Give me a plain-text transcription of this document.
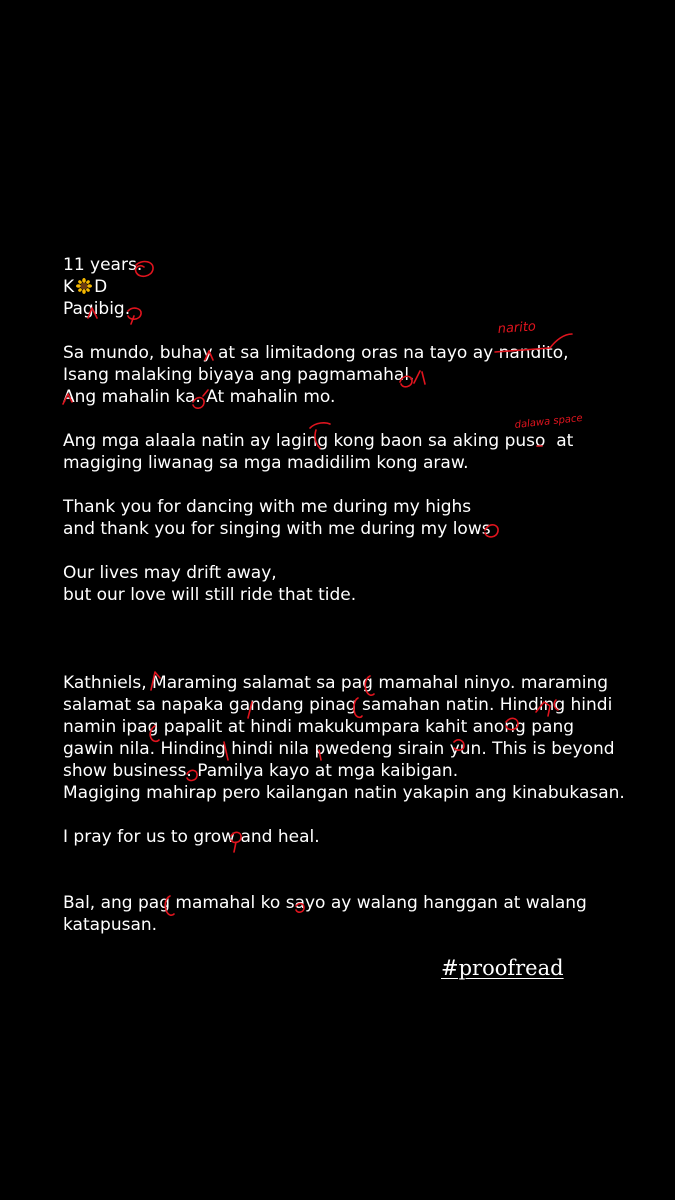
11 years.
K D
Pagibig.
Sa mundo, buhay at sa limitadong oras na tayo ay nandito,
Isang malaking biyaya ang pagmamahal.
Ang mahalin ka. At mahalin mo.
Ang mga alaala natin ay laging kong baon sa aking puso  at
magiging liwanag sa mga madidilim kong araw.
Thank you for dancing with me during my highs
and thank you for singing with me during my lows
Our lives may drift away,
but our love will still ride that tide.
Kathniels, Maraming salamat sa pag mamahal ninyo. maraming
salamat sa napaka gandang pinag samahan natin. Hinding hindi
namin ipag papalit at hindi makukumpara kahit anong pang
gawin nila. Hinding hindi nila pwedeng sirain yun. This is beyond
show business. Pamilya kayo at mga kaibigan.
Magiging mahirap pero kailangan natin yakapin ang kinabukasan.
I pray for us to grow and heal.
Bal, ang pag mamahal ko sayo ay walang hanggan at walang
katapusan.
#proofread
narito
dalawa space
